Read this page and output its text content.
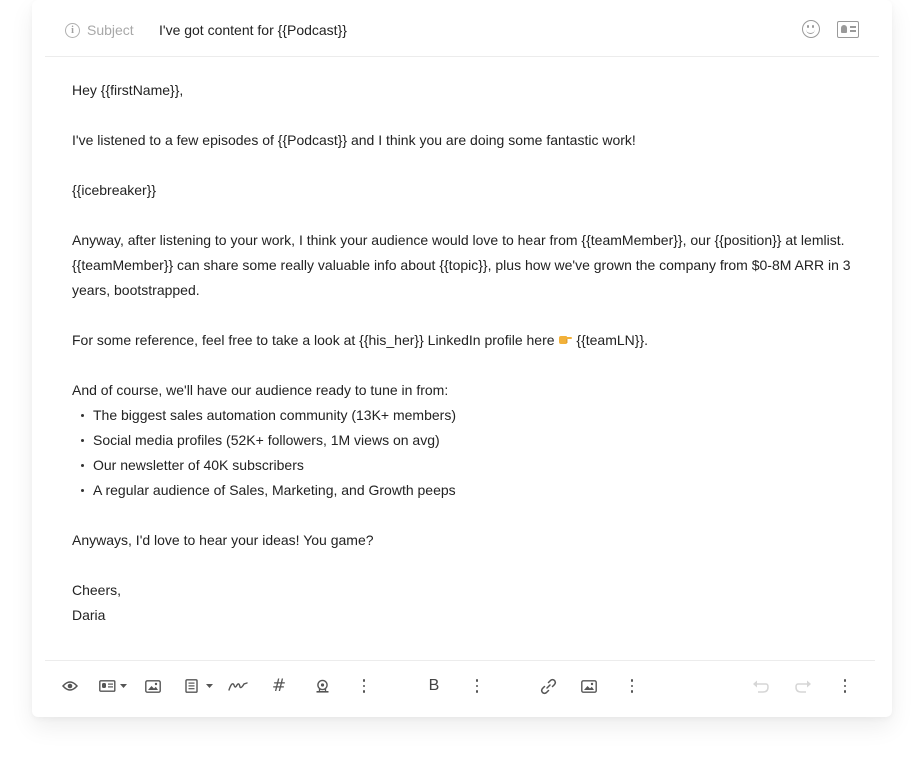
i Subject I've got content for {{Podcast}}

Hey {{firstName}},

I've listened to a few episodes of {{Podcast}} and I think you are doing some fantastic work!

{{icebreaker}}

Anyway, after listening to your work, I think your audience would love to hear from {{teamMember}}, our {{position}} at lemlist.

{{teamMember}} can share some really valuable info about {{topic}}, plus how we've grown the company from $0-8M ARR in 3

years, bootstrapped.

For some reference, feel free to take a look at {{his_her}} LinkedIn profile here {{teamLN}}.

And of course, we'll have our audience ready to tune in from:

The biggest sales automation community (13K+ members)
Social media profiles (52K+ followers, 1M views on avg)
Our newsletter of 40K subscribers
A regular audience of Sales, Marketing, and Growth peeps

Anyways, I'd love to hear your ideas! You game?

Cheers,

Daria

#	B
